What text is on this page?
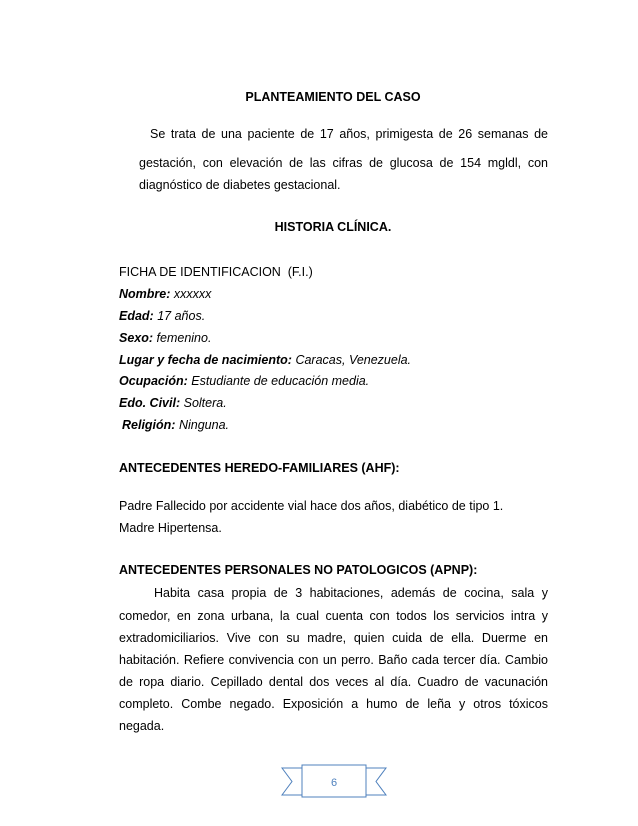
PLANTEAMIENTO DEL CASO
Se trata de una paciente de 17 años, primigesta de 26 semanas de
gestación, con elevación de las cifras de glucosa de 154 mgldl, con
diagnóstico de diabetes gestacional.
HISTORIA CLÍNICA.
FICHA DE IDENTIFICACION  (F.I.)
Nombre: xxxxxx
Edad: 17 años.
Sexo: femenino.
Lugar y fecha de nacimiento: Caracas, Venezuela.
Ocupación: Estudiante de educación media.
Edo. Civil: Soltera.
Religión: Ninguna.
ANTECEDENTES HEREDO-FAMILIARES (AHF):
Padre Fallecido por accidente vial hace dos años, diabético de tipo 1.
Madre Hipertensa.
ANTECEDENTES PERSONALES NO PATOLOGICOS (APNP):
Habita casa propia de 3 habitaciones, además de cocina, sala y
comedor, en zona urbana, la cual cuenta con todos los servicios intra y
extradomiciliarios. Vive con su madre, quien cuida de ella. Duerme en
habitación. Refiere convivencia con un perro. Baño cada tercer día. Cambio
de ropa diario. Cepillado dental dos veces al día. Cuadro de vacunación
completo. Combe negado. Exposición a humo de leña y otros tóxicos
negada.
6
